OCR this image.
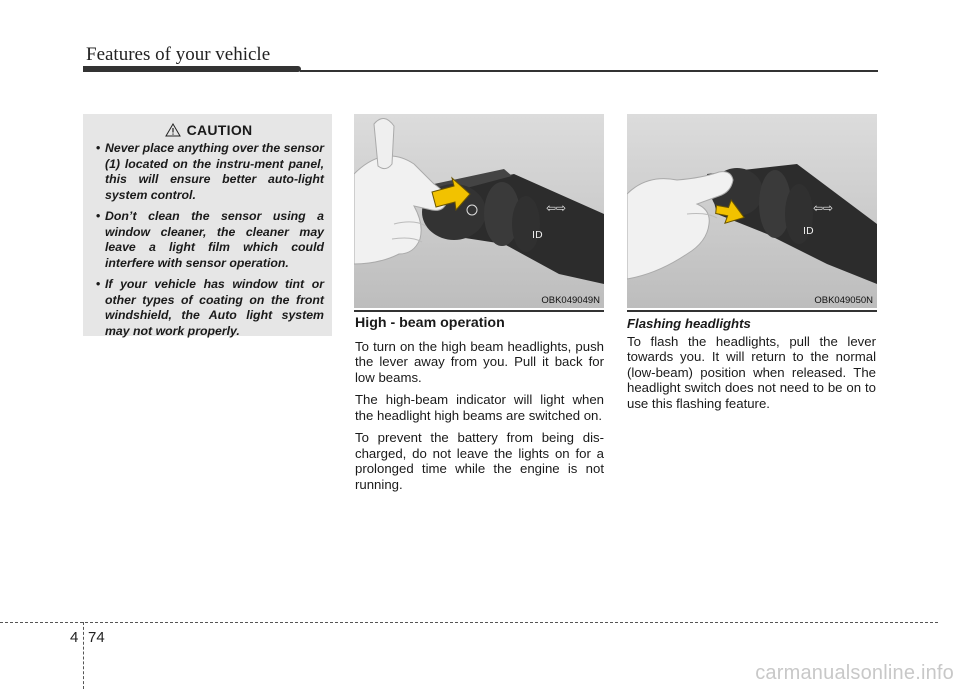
Features of your vehicle
CAUTION
• Never place anything over the sensor (1) located on the instru-ment panel, this will ensure better auto-light system control.
• Don’t clean the sensor using a window cleaner, the cleaner may leave a light film which could interfere with sensor operation.
• If your vehicle has window tint or other types of coating on the front windshield, the Auto light system may not work properly.
⇦⇨
ID
OBK049049N
⇦⇨
ID
OBK049050N
High - beam operation

To turn on the high beam headlights, push the lever away from you. Pull it back for low beams.

The high-beam indicator will light when the headlight high beams are switched on.

To prevent the battery from being dis-charged, do not leave the lights on for a prolonged time while the engine is not running.

Flashing headlights

To flash the headlights, pull the lever towards you. It will return to the normal (low-beam) position when released. The headlight switch does not need to be on to use this flashing feature.

4 74
carmanualsonline.info
